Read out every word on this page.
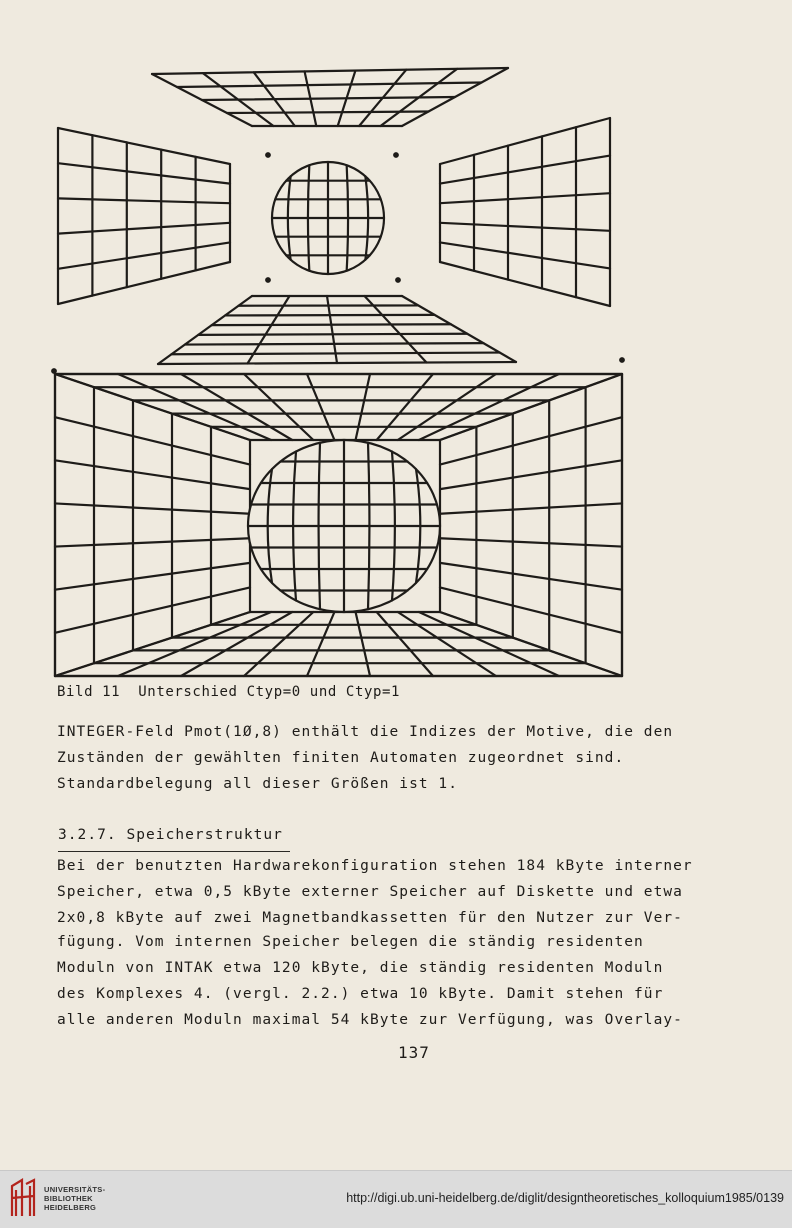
Bild 11  Unterschied Ctyp=0 und Ctyp=1
INTEGER-Feld Pmot(1Ø,8) enthält die Indizes der Motive, die den
Zuständen der gewählten finiten Automaten zugeordnet sind.
Standardbelegung all dieser Größen ist 1.
3.2.7. Speicherstruktur
Bei der benutzten Hardwarekonfiguration stehen 184 kByte interner
Speicher, etwa 0,5 kByte externer Speicher auf Diskette und etwa
2x0,8 kByte auf zwei Magnetbandkassetten für den Nutzer zur Ver-
fügung. Vom internen Speicher belegen die ständig residenten
Moduln von INTAK etwa 120 kByte, die ständig residenten Moduln
des Komplexes 4. (vergl. 2.2.) etwa 10 kByte. Damit stehen für
alle anderen Moduln maximal 54 kByte zur Verfügung, was Overlay-
137
UNIVERSITÄTS-
BIBLIOTHEK
HEIDELBERG
http://digi.ub.uni-heidelberg.de/diglit/designtheoretisches_kolloquium1985/0139
